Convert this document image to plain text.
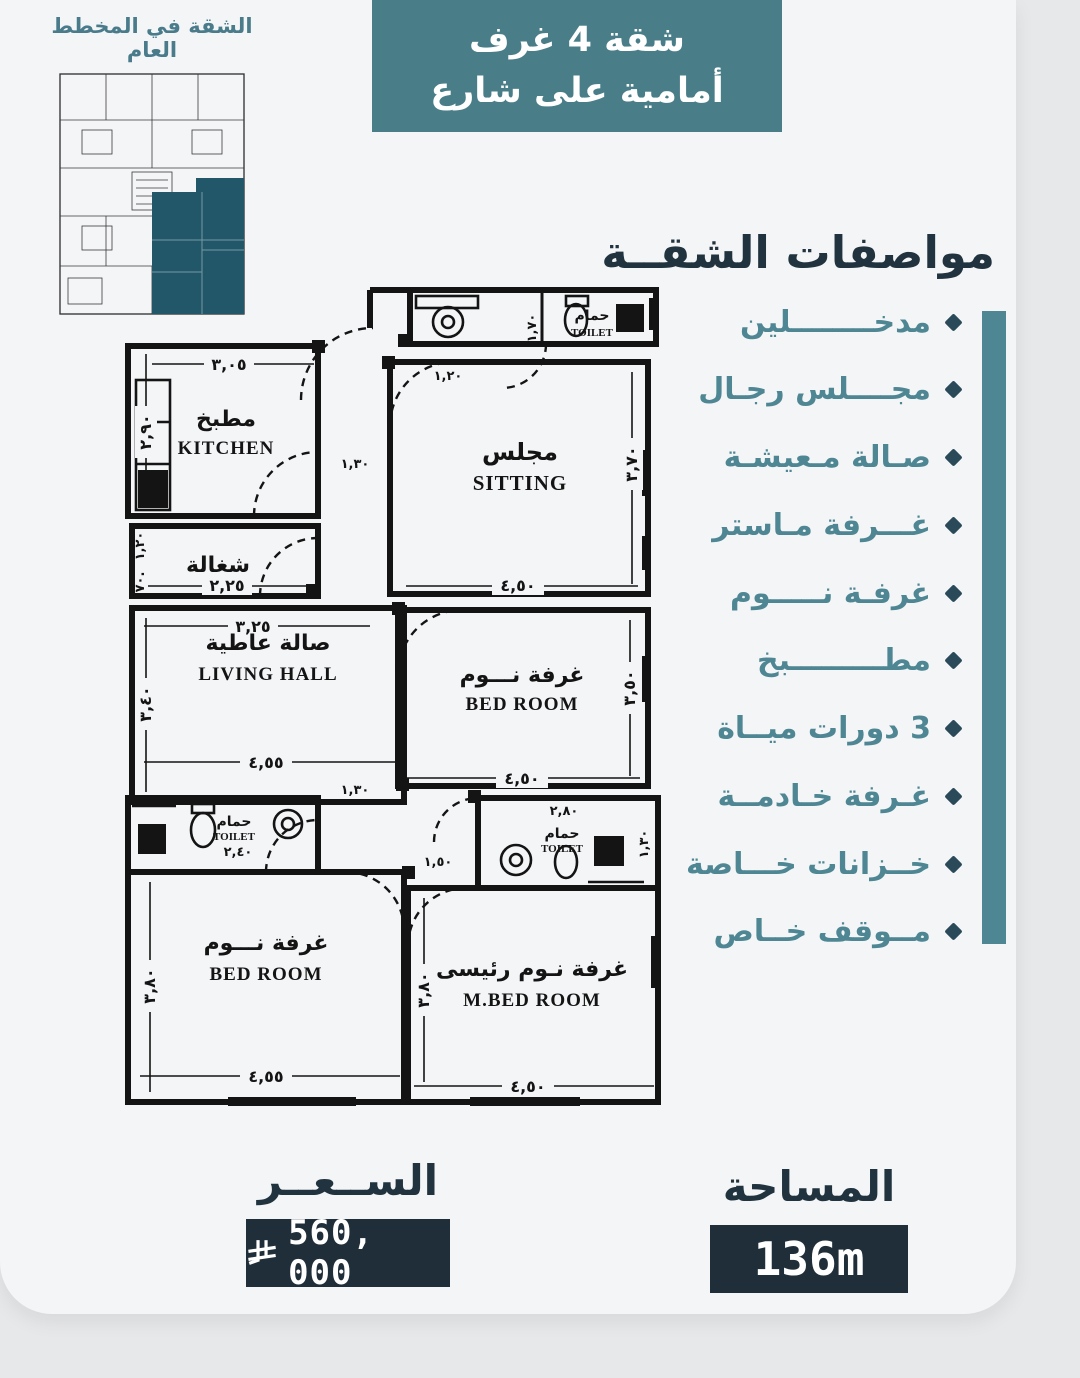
الشقة في المخطط العام	شقة 4 غرف
أمامية على شارع
مواصفات الشقــة
مدخــــــــلين
مجــــلس رجـال
صـالة مـعيشـة
غـــرفة مـاستر
غرفـة نـــــوم
مطـــــــــبخ
3 دورات ميــاة
غـرفة خـادمــة
خــزانات خـــاصة
مــوقف خــاص
٣,٠٥
٢,٢٥	٤,٥٠
٣,٢٥
٤,٥٥
٤,٥٠
٤,٥٥
٤,٥٠
٢,٩٠
٣,٤٠
٣,٨٠	٣,٨٠
٣,٧٠
٣,٥٠
١,٢٠
١,٣٠
١,٧٠
١,٣٠
١,٥٠
٢,٤٠
٢,٨٠
١,٣٠
١,٢٠
٧٠.
حمام
TOILET
مطبخ
KITCHEN
شغالة
مجلس
SITTING
صالة عاطية
LIVING HALL	غرفة نـــوم
BED ROOM
حمام
TOILET	حمام
TOILET
غرفة نـــوم
BED ROOM	غرفة نـوم رئيسى
M.BED ROOM
الســعــر
560, 000
المساحة
136m
